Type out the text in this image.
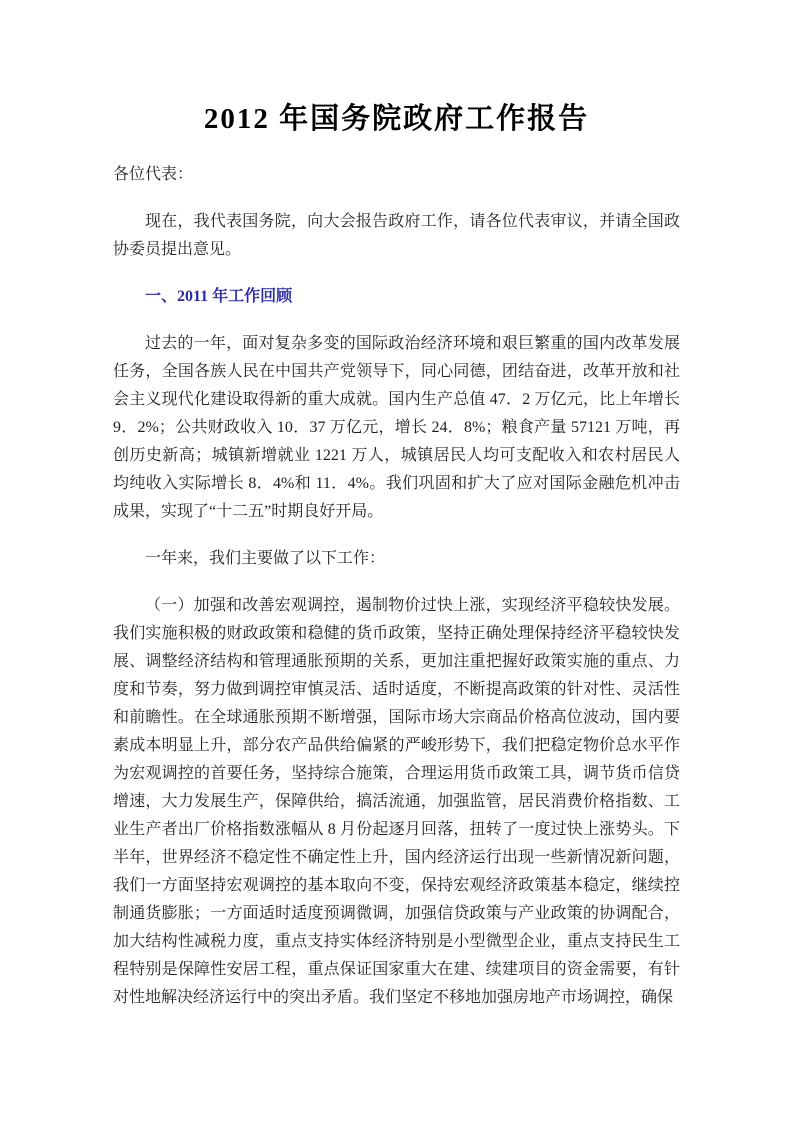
2012 年国务院政府工作报告

各位代表：

现在，我代表国务院，向大会报告政府工作，请各位代表审议，并请全国政协委员提出意见。

一、2011 年工作回顾

过去的一年，面对复杂多变的国际政治经济环境和艰巨繁重的国内改革发展任务，全国各族人民在中国共产党领导下，同心同德，团结奋进，改革开放和社会主义现代化建设取得新的重大成就。国内生产总值 47．2 万亿元，比上年增长 9．2%；公共财政收入 10．37 万亿元，增长 24．8%；粮食产量 57121 万吨，再创历史新高；城镇新增就业 1221 万人，城镇居民人均可支配收入和农村居民人均纯收入实际增长 8．4%和 11．4%。我们巩固和扩大了应对国际金融危机冲击成果，实现了“十二五”时期良好开局。

一年来，我们主要做了以下工作：

（一）加强和改善宏观调控，遏制物价过快上涨，实现经济平稳较快发展。我们实施积极的财政政策和稳健的货币政策，坚持正确处理保持经济平稳较快发展、调整经济结构和管理通胀预期的关系，更加注重把握好政策实施的重点、力度和节奏，努力做到调控审慎灵活、适时适度，不断提高政策的针对性、灵活性和前瞻性。在全球通胀预期不断增强，国际市场大宗商品价格高位波动，国内要素成本明显上升，部分农产品供给偏紧的严峻形势下，我们把稳定物价总水平作为宏观调控的首要任务，坚持综合施策，合理运用货币政策工具，调节货币信贷增速，大力发展生产，保障供给，搞活流通，加强监管，居民消费价格指数、工业生产者出厂价格指数涨幅从 8 月份起逐月回落，扭转了一度过快上涨势头。下半年，世界经济不稳定性不确定性上升，国内经济运行出现一些新情况新问题，我们一方面坚持宏观调控的基本取向不变，保持宏观经济政策基本稳定，继续控制通货膨胀；一方面适时适度预调微调，加强信贷政策与产业政策的协调配合，加大结构性减税力度，重点支持实体经济特别是小型微型企业，重点支持民生工程特别是保障性安居工程，重点保证国家重大在建、续建项目的资金需要，有针对性地解决经济运行中的突出矛盾。我们坚定不移地加强房地产市场调控，确保
